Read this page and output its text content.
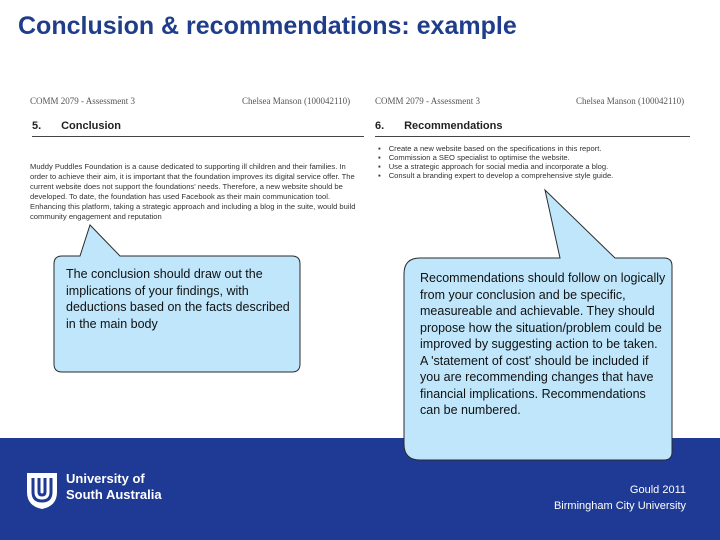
Conclusion & recommendations: example
COMM 2079 - Assessment 3	Chelsea Manson (100042110)
5. Conclusion
Muddy Puddles Foundation is a cause dedicated to supporting ill children and their families. In order to achieve their aim, it is important that the foundation improves its digital service offer. The current website does not support the foundations' needs. Therefore, a new website should be developed. To date, the foundation has used Facebook as their main communication tool. Enhancing this platform, taking a strategic approach and including a blog in the suite, would build community engagement and reputation
COMM 2079 - Assessment 3	Chelsea Manson (100042110)
6. Recommendations
▪ Create a new website based on the specifications in this report.
▪ Commission a SEO specialist to optimise the website.
▪ Use a strategic approach for social media and incorporate a blog.
▪ Consult a branding expert to develop a comprehensive style guide.
The conclusion should draw out the implications of your findings, with deductions based on the facts described in the main body
Recommendations should follow on logically from your conclusion and be specific, measureable and achievable. They should propose how the situation/problem could be improved by suggesting action to be taken. A 'statement of cost' should be included if you are recommending changes that have financial implications. Recommendations can be numbered.
University of
South Australia	Gould 2011
Birmingham City University
